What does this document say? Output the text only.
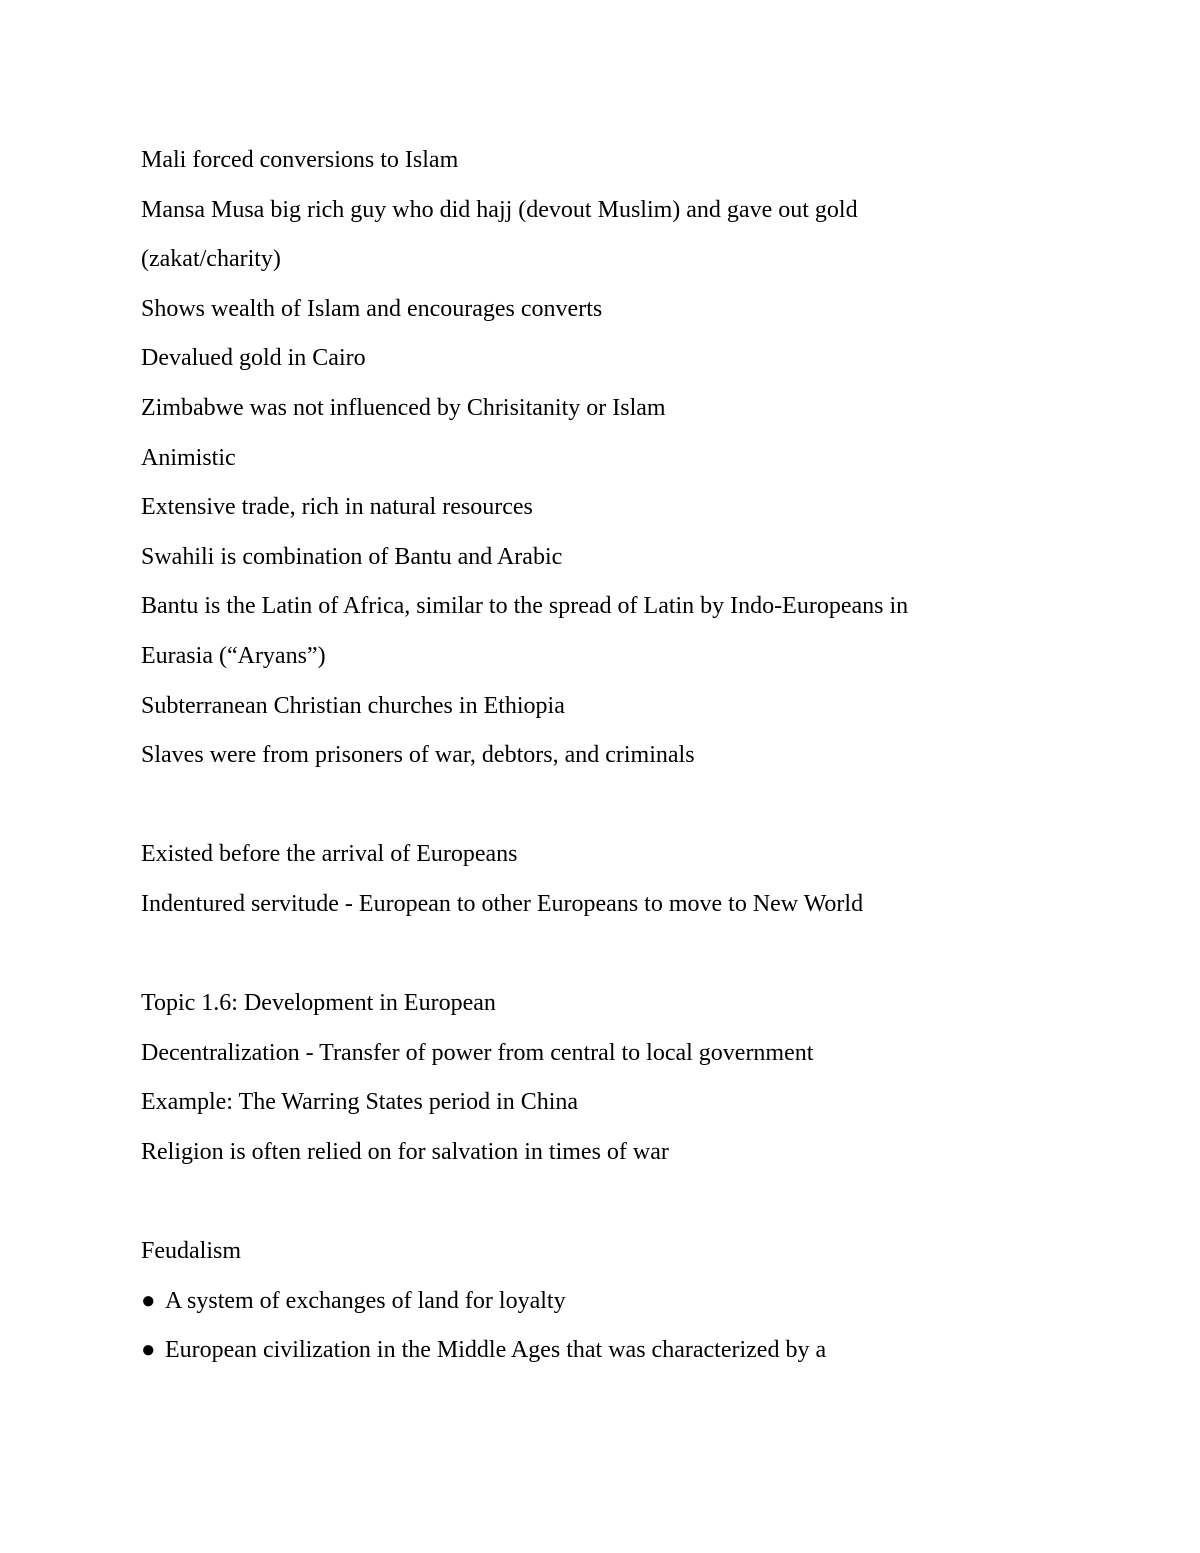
Mali forced conversions to Islam
Mansa Musa big rich guy who did hajj (devout Muslim) and gave out gold
(zakat/charity)
Shows wealth of Islam and encourages converts
Devalued gold in Cairo
Zimbabwe was not influenced by Chrisitanity or Islam
Animistic
Extensive trade, rich in natural resources
Swahili is combination of Bantu and Arabic
Bantu is the Latin of Africa, similar to the spread of Latin by Indo-Europeans in
Eurasia (“Aryans”)
Subterranean Christian churches in Ethiopia
Slaves were from prisoners of war, debtors, and criminals
Existed before the arrival of Europeans
Indentured servitude - European to other Europeans to move to New World
Topic 1.6: Development in European
Decentralization - Transfer of power from central to local government
Example: The Warring States period in China
Religion is often relied on for salvation in times of war
Feudalism
● A system of exchanges of land for loyalty
● European civilization in the Middle Ages that was characterized by a
